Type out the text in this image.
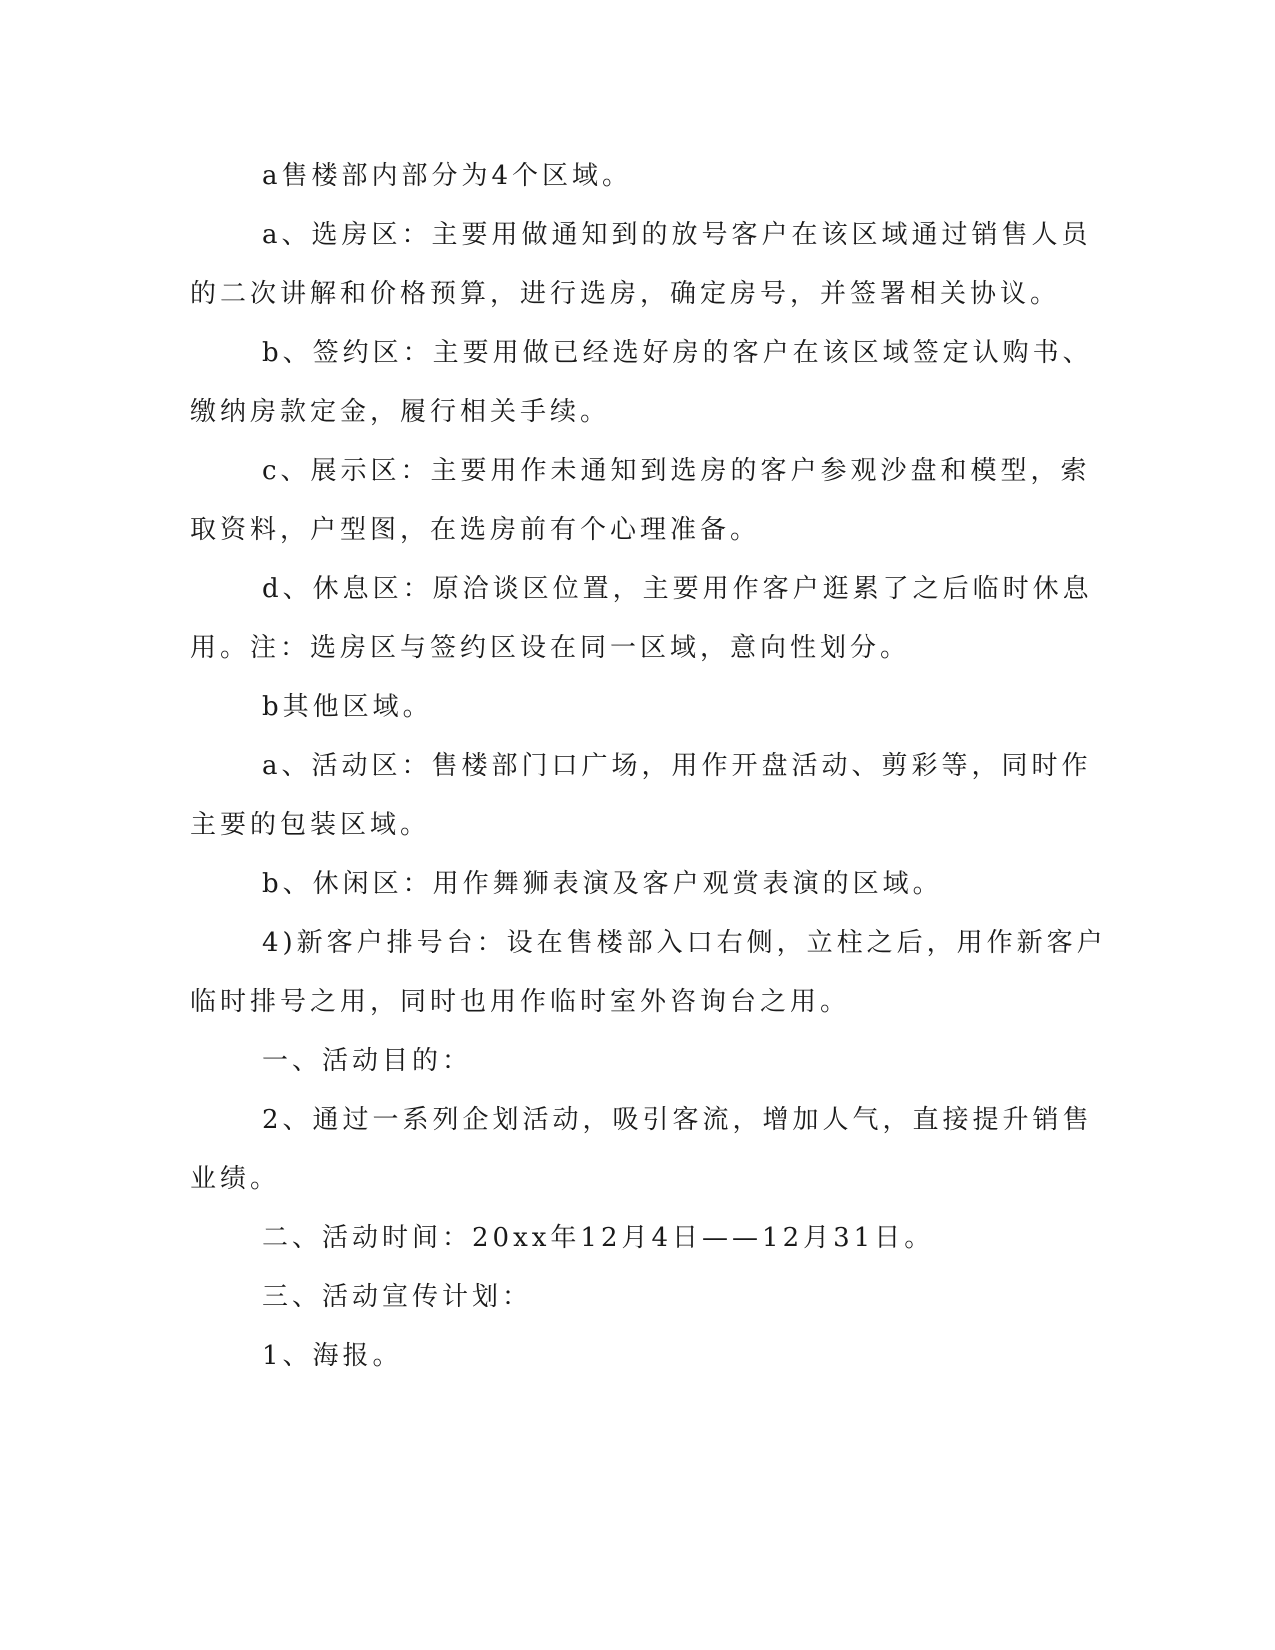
a售楼部内部分为4个区域。
a、选房区：主要用做通知到的放号客户在该区域通过销售人员
的二次讲解和价格预算，进行选房，确定房号，并签署相关协议。
b、签约区：主要用做已经选好房的客户在该区域签定认购书、
缴纳房款定金，履行相关手续。
c、展示区：主要用作未通知到选房的客户参观沙盘和模型，索
取资料，户型图，在选房前有个心理准备。
d、休息区：原洽谈区位置，主要用作客户逛累了之后临时休息
用。注：选房区与签约区设在同一区域，意向性划分。
b其他区域。
a、活动区：售楼部门口广场，用作开盘活动、剪彩等，同时作
主要的包装区域。
b、休闲区：用作舞狮表演及客户观赏表演的区域。
4)新客户排号台：设在售楼部入口右侧，立柱之后，用作新客户
临时排号之用，同时也用作临时室外咨询台之用。
一、活动目的：
2、通过一系列企划活动，吸引客流，增加人气，直接提升销售
业绩。
二、活动时间：20xx年12月4日——12月31日。
三、活动宣传计划：
1、海报。
